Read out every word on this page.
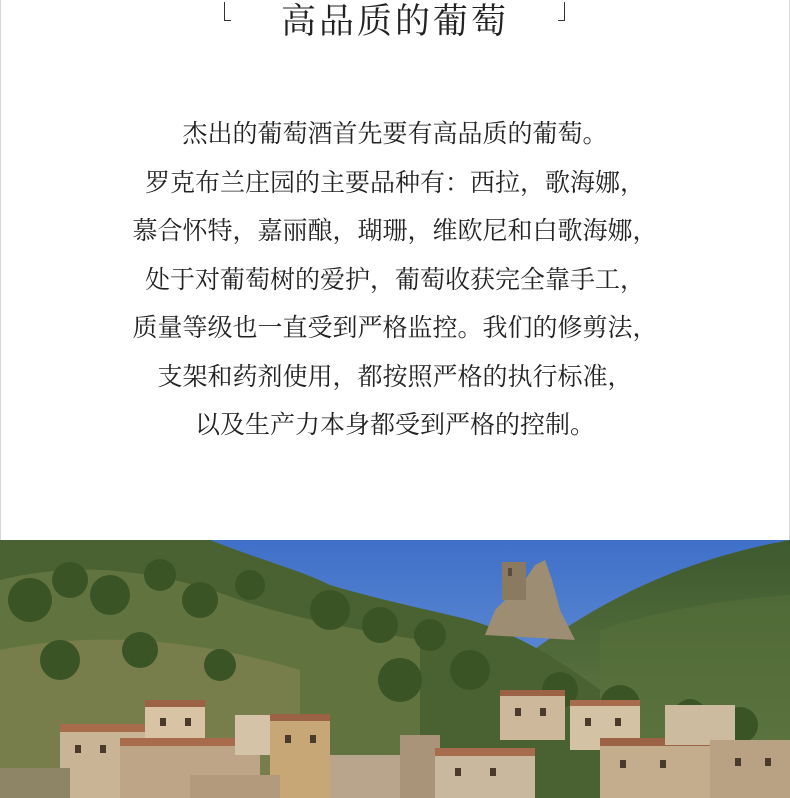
高品质的葡萄
杰出的葡萄酒首先要有高品质的葡萄。
罗克布兰庄园的主要品种有：西拉，歌海娜，
慕合怀特，嘉丽酿，瑚珊，维欧尼和白歌海娜，
处于对葡萄树的爱护，葡萄收获完全靠手工，
质量等级也一直受到严格监控。我们的修剪法，
支架和药剂使用，都按照严格的执行标准，
以及生产力本身都受到严格的控制。
